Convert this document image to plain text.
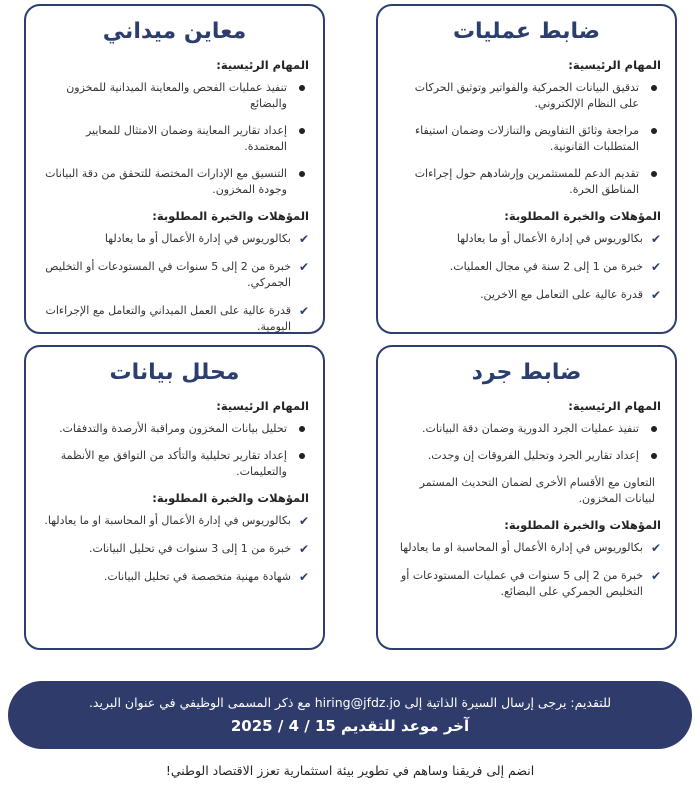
ضابط عمليات
المهام الرئيسية:
تدقيق البيانات الجمركية والفواتير وتوثيق الحركات على النظام الإلكتروني.
مراجعة وثائق التفاويض والتنازلات وضمان استيفاء المتطلبات القانونية.
تقديم الدعم للمستثمرين وإرشادهم حول إجراءات المناطق الحرة.
المؤهلات والخبرة المطلوبة:
✔
بكالوريوس في إدارة الأعمال أو ما يعادلها
✔
خبرة من 1 إلى 2 سنة في مجال العمليات.
✔
قدرة عالية على التعامل مع الاخرين.
معاين ميداني
المهام الرئيسية:
تنفيذ عمليات الفحص والمعاينة الميدانية للمخزون والبضائع
إعداد تقارير المعاينة وضمان الامتثال للمعايير المعتمدة.
التنسيق مع الإدارات المختصة للتحقق من دقة البيانات وجودة المخزون.
المؤهلات والخبرة المطلوبة:
✔
بكالوريوس في إدارة الأعمال أو ما يعادلها
✔
خبرة من 2 إلى 5 سنوات في المستودعات أو التخليص الجمركي.
✔
قدرة عالية على العمل الميداني والتعامل مع الإجراءات اليومية.
ضابط جرد
المهام الرئيسية:
تنفيذ عمليات الجرد الدورية وضمان دقة البيانات.
إعداد تقارير الجرد وتحليل الفروقات إن وجدت.
التعاون مع الأقسام الأخرى لضمان التحديث المستمر لبيانات المخزون.
المؤهلات والخبرة المطلوبة:
✔
بكالوريوس في إدارة الأعمال أو المحاسبة او ما يعادلها
✔
خبرة من 2 إلى 5 سنوات في عمليات المستودعات أو التخليص الجمركي على البضائع.
محلل بيانات
المهام الرئيسية:
تحليل بيانات المخزون ومراقبة الأرصدة والتدفقات.
إعداد تقارير تحليلية والتأكد من التوافق مع الأنظمة والتعليمات.
المؤهلات والخبرة المطلوبة:
✔
بكالوريوس في إدارة الأعمال أو المحاسبة او ما يعادلها.
✔
خبرة من 1 إلى 3 سنوات في تحليل البيانات.
✔
شهادة مهنية متخصصة في تحليل البيانات.
للتقديم: يرجى إرسال السيرة الذاتية إلى hiring@jfdz.jo مع ذكر المسمى الوظيفي في عنوان البريد.
آخر موعد للتقديم 15 / 4 / 2025
انضم إلى فريقنا وساهم في تطوير بيئة استثمارية تعزز الاقتصاد الوطني!
